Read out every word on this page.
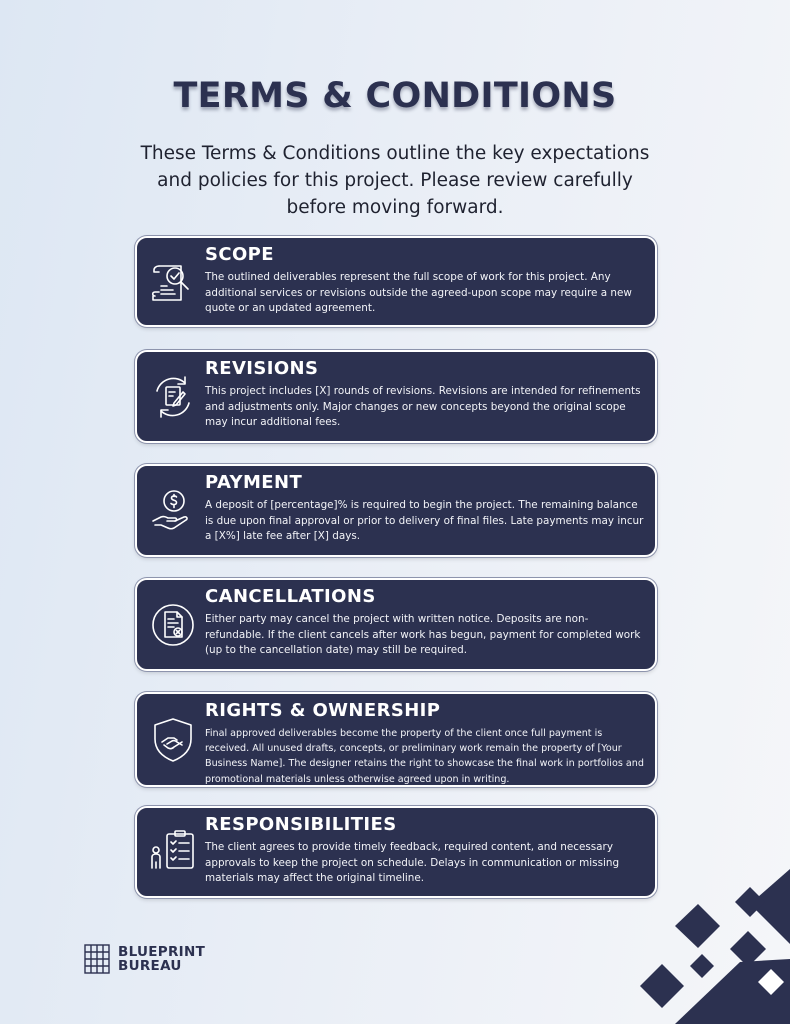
TERMS & CONDITIONS

These Terms & Conditions outline the key expectations and policies for this project. Please review carefully before moving forward.

SCOPE
The outlined deliverables represent the full scope of work for this project. Any additional services or revisions outside the agreed-upon scope may require a new quote or an updated agreement.
REVISIONS
This project includes [X] rounds of revisions. Revisions are intended for refinements and adjustments only. Major changes or new concepts beyond the original scope may incur additional fees.
PAYMENT
A deposit of [percentage]% is required to begin the project. The remaining balance is due upon final approval or prior to delivery of final files. Late payments may incur a [X%] late fee after [X] days.
CANCELLATIONS
Either party may cancel the project with written notice. Deposits are non-refundable. If the client cancels after work has begun, payment for completed work (up to the cancellation date) may still be required.
RIGHTS & OWNERSHIP
Final approved deliverables become the property of the client once full payment is received. All unused drafts, concepts, or preliminary work remain the property of [Your Business Name]. The designer retains the right to showcase the final work in portfolios and promotional materials unless otherwise agreed upon in writing.
RESPONSIBILITIES
The client agrees to provide timely feedback, required content, and necessary approvals to keep the project on schedule. Delays in communication or missing materials may affect the original timeline.
BLUEPRINT
BUREAU
